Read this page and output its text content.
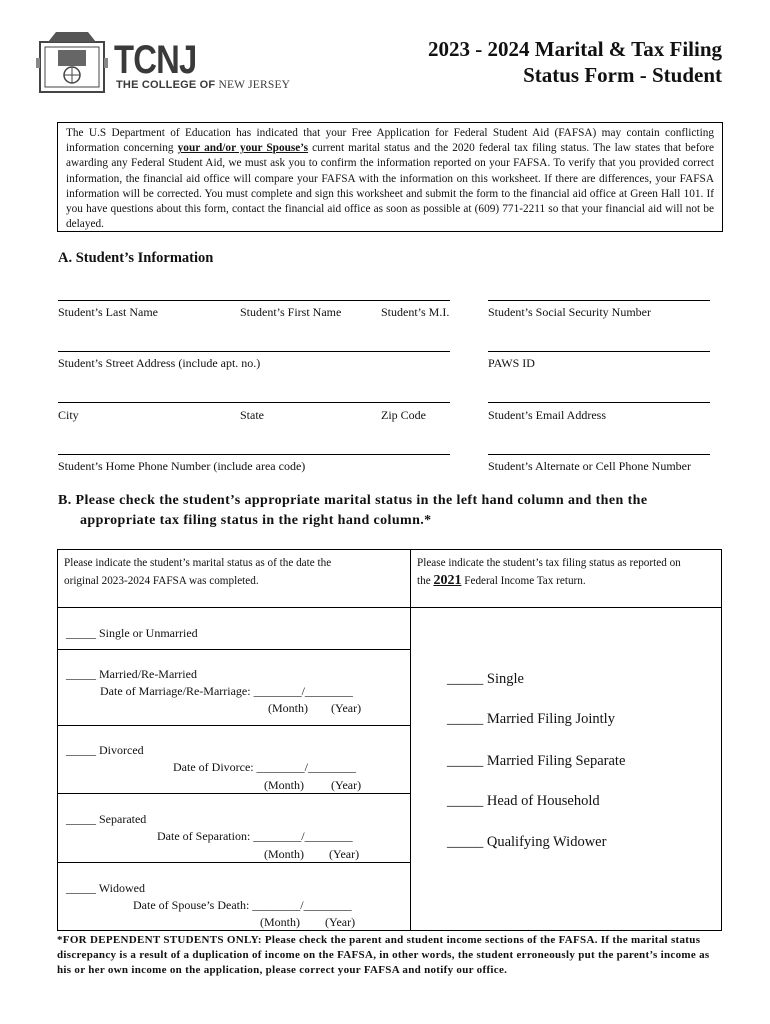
TCNJ
THE COLLEGE OF NEW JERSEY
2023 - 2024 Marital & Tax Filing
Status Form - Student
The U.S Department of Education has indicated that your Free Application for Federal Student Aid (FAFSA) may contain conflicting information concerning your and/or your Spouse’s current marital status and the 2020 federal tax filing status. The law states that before awarding any Federal Student Aid, we must ask you to confirm the information reported on your FAFSA. To verify that you provided correct information, the financial aid office will compare your FAFSA with the information on this worksheet. If there are differences, your FAFSA information will be corrected. You must complete and sign this worksheet and submit the form to the financial aid office at Green Hall 101. If you have questions about this form, contact the financial aid office as soon as possible at (609) 771-2211 so that your financial aid will not be delayed.
A. Student’s Information
Student’s Last Name	Student’s First Name	Student’s M.I.	Student’s Social Security Number
Student’s Street Address (include apt. no.)	PAWS ID
City	State	Zip Code	Student’s Email Address
Student’s Home Phone Number (include area code)	Student’s Alternate or Cell Phone Number
B. Please check the student’s appropriate marital status in the left hand column and then the
appropriate tax filing status in the right hand column.*
Please indicate the student’s marital status as of the date the
original 2023-2024 FAFSA was completed.
Please indicate the student’s tax filing status as reported on
the 2021 Federal Income Tax return.
_____ Single or Unmarried
_____ Married/Re-Married
Date of Marriage/Re-Marriage: ________/________
(Month) (Year)
_____ Divorced
Date of Divorce: ________/________
(Month) (Year)
_____ Separated
Date of Separation: ________/________
(Month) (Year)
_____ Widowed
Date of Spouse’s Death: ________/________
(Month) (Year)
_____ Single
_____ Married Filing Jointly
_____ Married Filing Separate
_____ Head of Household
_____ Qualifying Widower
*FOR DEPENDENT STUDENTS ONLY: Please check the parent and student income sections of the FAFSA. If the marital status discrepancy is a result of a duplication of income on the FAFSA, in other words, the student erroneously put the parent’s income as his or her own income on the application, please correct your FAFSA and notify our office.
